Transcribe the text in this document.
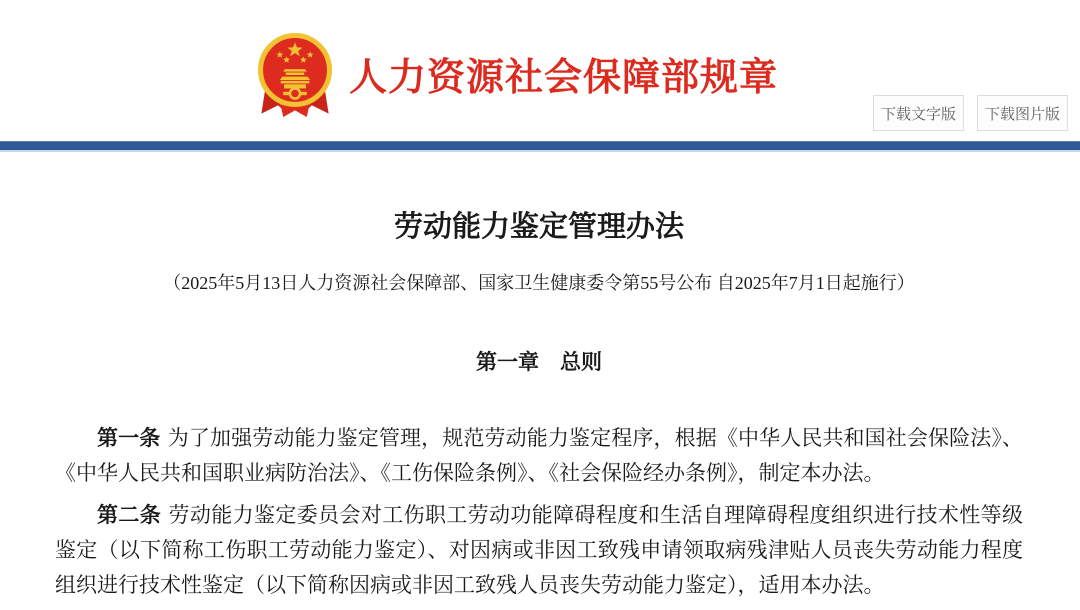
人力资源社会保障部规章
下载文字版	下载图片版
劳动能力鉴定管理办法
（2025年5月13日人力资源社会保障部、国家卫生健康委令第55号公布 自2025年7月1日起施行）
第一章　总则

第一条 为了加强劳动能力鉴定管理，规范劳动能力鉴定程序，根据《中华人民共和国社会保险法》、《中华人民共和国职业病防治法》、《工伤保险条例》、《社会保险经办条例》，制定本办法。

第二条 劳动能力鉴定委员会对工伤职工劳动功能障碍程度和生活自理障碍程度组织进行技术性等级鉴定（以下简称工伤职工劳动能力鉴定）、对因病或非因工致残申请领取病残津贴人员丧失劳动能力程度组织进行技术性鉴定（以下简称因病或非因工致残人员丧失劳动能力鉴定），适用本办法。
